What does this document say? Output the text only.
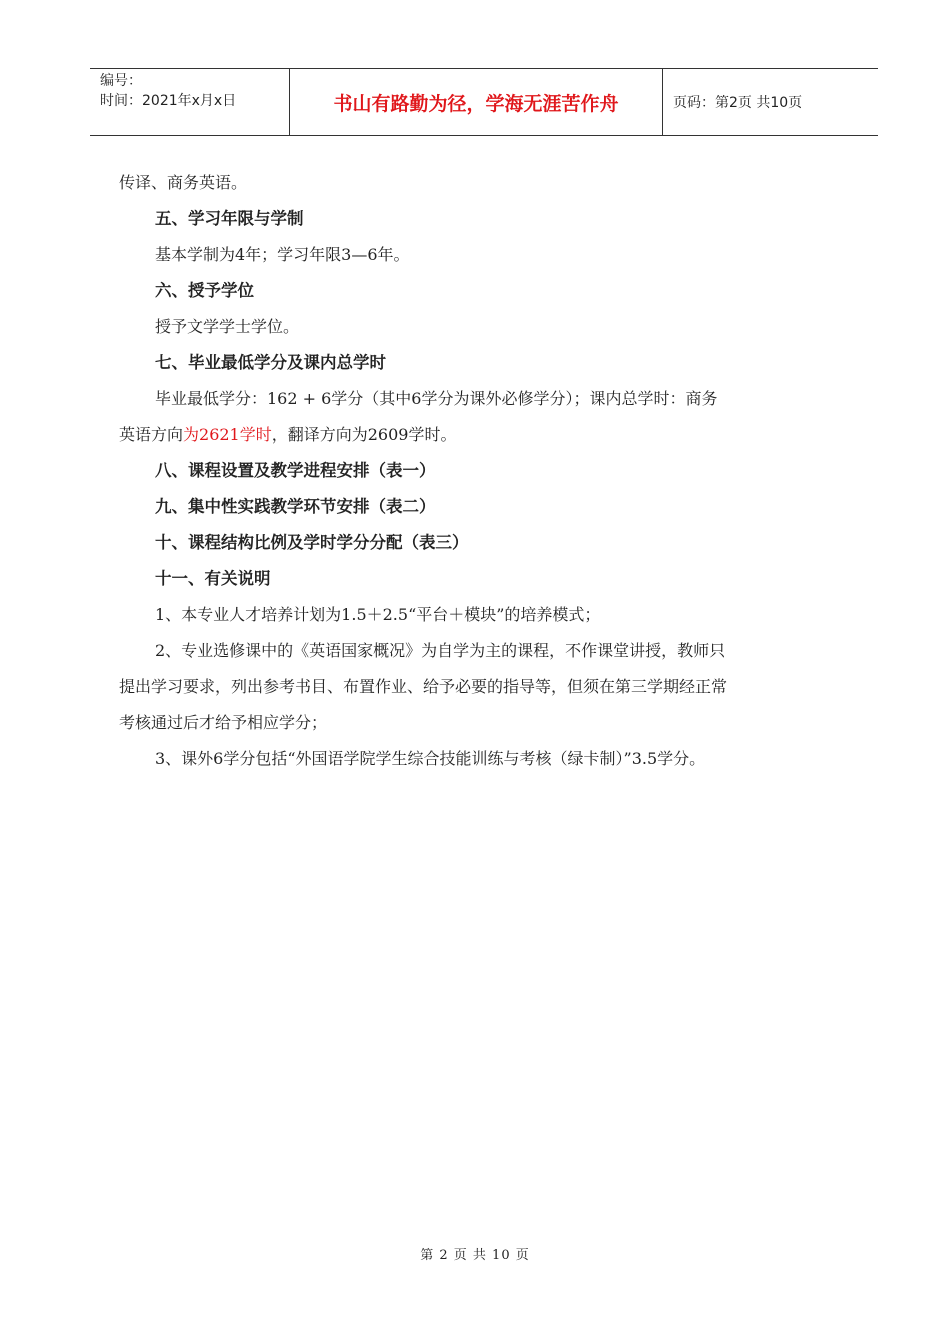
编号：
时间：2021年x月x日	书山有路勤为径，学海无涯苦作舟	页码：第2页 共10页

传译、商务英语。

五、学习年限与学制

基本学制为4年；学习年限3—6年。

六、授予学位

授予文学学士学位。

七、毕业最低学分及课内总学时

毕业最低学分：162 + 6学分（其中6学分为课外必修学分）；课内总学时：商务

英语方向为2621学时，翻译方向为2609学时。

八、课程设置及教学进程安排（表一）

九、集中性实践教学环节安排（表二）

十、课程结构比例及学时学分分配（表三）

十一、有关说明

1、本专业人才培养计划为1.5＋2.5“平台＋模块”的培养模式；

2、专业选修课中的《英语国家概况》为自学为主的课程，不作课堂讲授，教师只

提出学习要求，列出参考书目、布置作业、给予必要的指导等，但须在第三学期经正常

考核通过后才给予相应学分；

3、课外6学分包括“外国语学院学生综合技能训练与考核（绿卡制）”3.5学分。

第 2 页 共 10 页
